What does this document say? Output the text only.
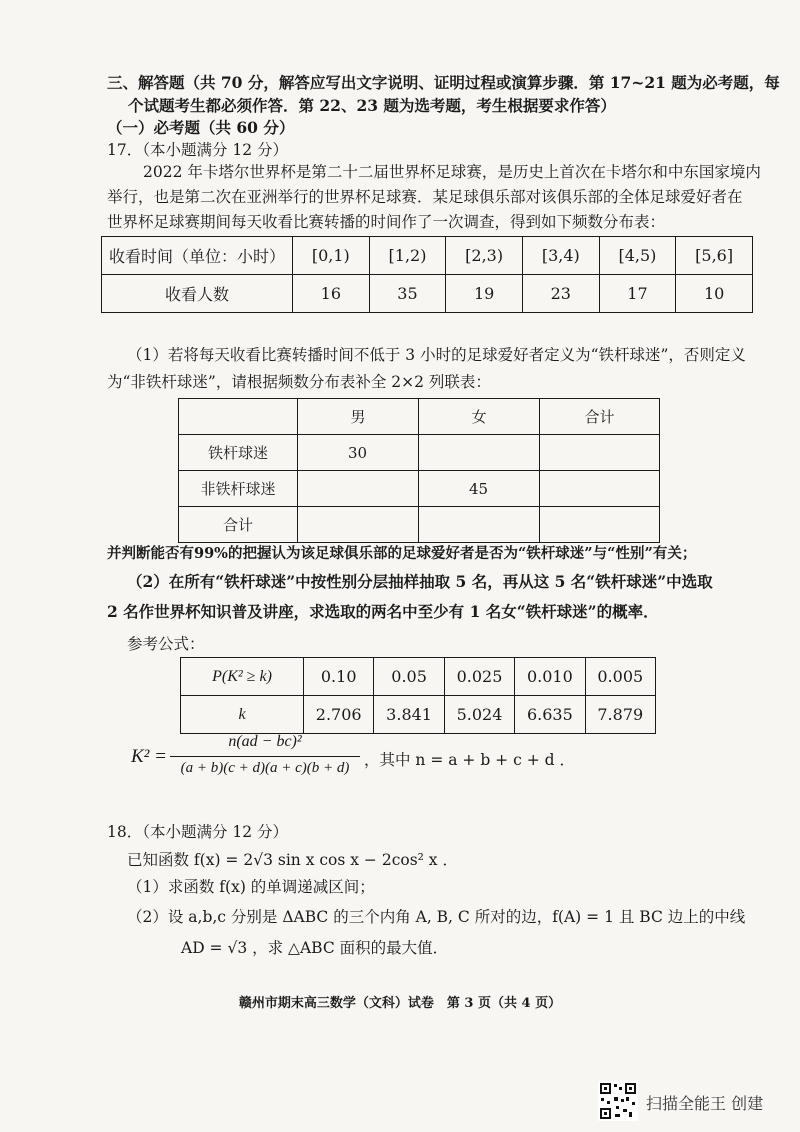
三、解答题（共 70 分，解答应写出文字说明、证明过程或演算步骤．第 17~21 题为必考题，每
个试题考生都必须作答．第 22、23 题为选考题，考生根据要求作答）
（一）必考题（共 60 分）
17．（本小题满分 12 分）
2022 年卡塔尔世界杯是第二十二届世界杯足球赛，是历史上首次在卡塔尔和中东国家境内
举行，也是第二次在亚洲举行的世界杯足球赛．某足球俱乐部对该俱乐部的全体足球爱好者在
世界杯足球赛期间每天收看比赛转播的时间作了一次调查，得到如下频数分布表：
收看时间（单位：小时）	[0,1)	[1,2)	[2,3)	[3,4)	[4,5)	[5,6]
收看人数	16	35	19	23	17	10
（1）若将每天收看比赛转播时间不低于 3 小时的足球爱好者定义为“铁杆球迷”，否则定义
为“非铁杆球迷”，请根据频数分布表补全 2×2 列联表：
	男	女	合计
铁杆球迷	30		
非铁杆球迷		45	
合计			
并判断能否有99%的把握认为该足球俱乐部的足球爱好者是否为“铁杆球迷”与“性别”有关；
（2）在所有“铁杆球迷”中按性别分层抽样抽取 5 名，再从这 5 名“铁杆球迷”中选取
2 名作世界杯知识普及讲座，求选取的两名中至少有 1 名女“铁杆球迷”的概率．
参考公式：
P(K² ≥ k)	0.10	0.05	0.025	0.010	0.005
k	2.706	3.841	5.024	6.635	7.879
K² =
n(ad − bc)²
(a + b)(c + d)(a + c)(b + d) ，其中 n = a + b + c + d ．
18．（本小题满分 12 分）
已知函数 f(x) = 2√3 sin x cos x − 2cos² x ．
（1）求函数 f(x) 的单调递减区间；
（2）设 a,b,c 分别是 ΔABC 的三个内角 A, B, C 所对的边，f(A) = 1 且 BC 边上的中线
AD = √3 ，求 △ABC 面积的最大值．
赣州市期末高三数学（文科）试卷　第 3 页（共 4 页）
扫描全能王 创建
